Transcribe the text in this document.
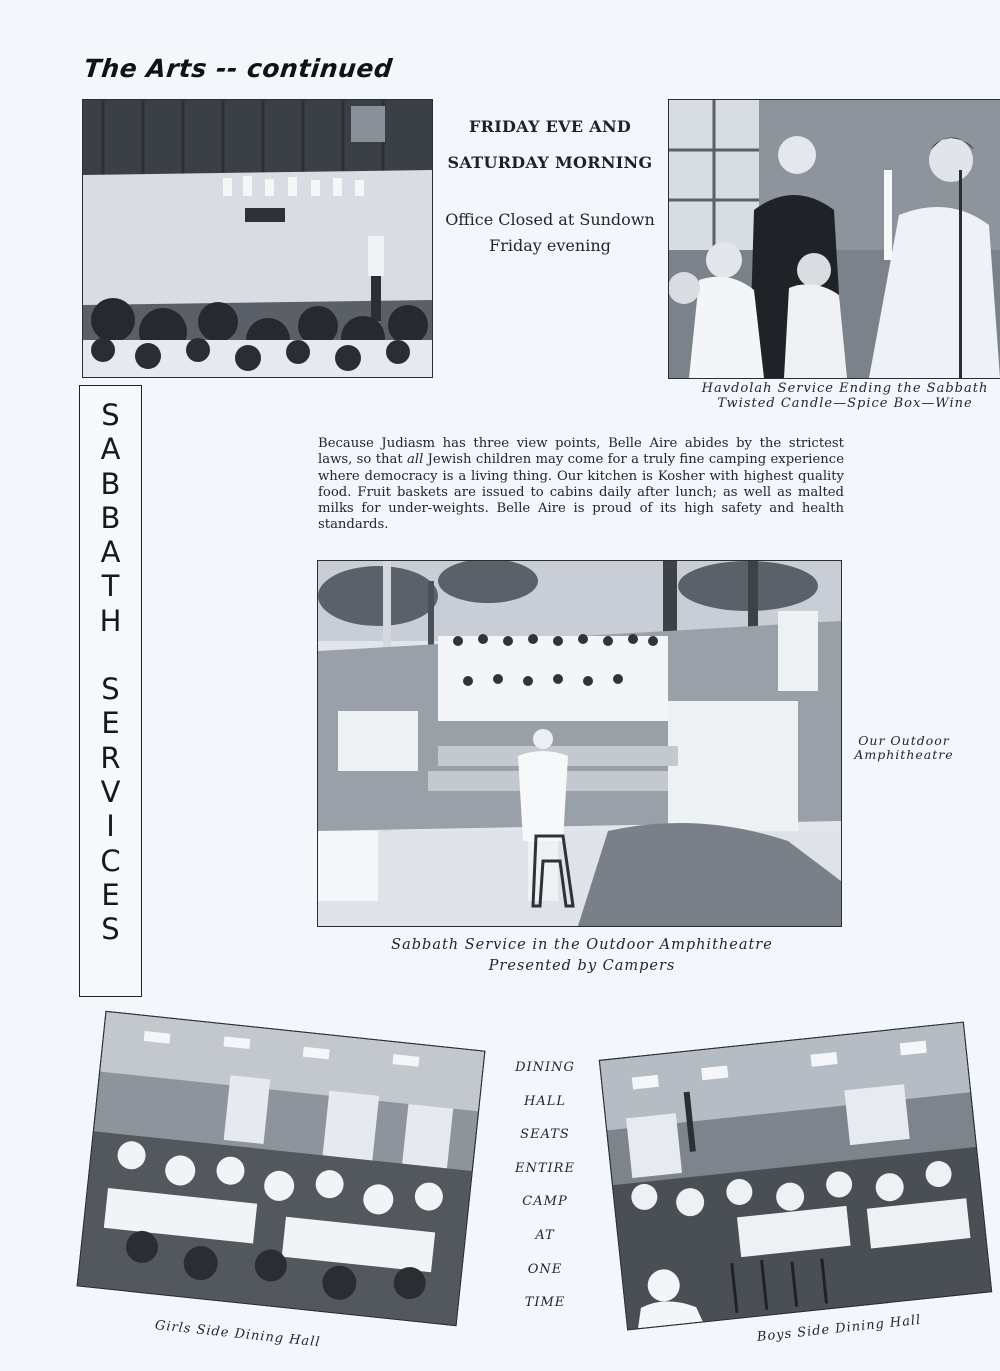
The Arts -- continued
FRIDAY EVE AND
SATURDAY MORNING
Office Closed at Sundown
Friday evening
Havdolah Service Ending the Sabbath
Twisted Candle—Spice Box—Wine
S
A
B
B
A
T
H
S
E
R
V
I
C
E
S
Because Judiasm has three view points, Belle Aire abides by the strictest laws, so that all Jewish children may come for a truly fine camping experience where democracy is a living thing. Our kitchen is Kosher with highest quality food. Fruit baskets are issued to cabins daily after lunch; as well as malted milks for under-weights. Belle Aire is proud of its high safety and health standards.
Our Outdoor
Amphitheatre
Sabbath Service in the Outdoor Amphitheatre
Presented by Campers
Girls Side Dining Hall
DINING
HALL
SEATS
ENTIRE
CAMP
AT
ONE
TIME
Boys Side Dining Hall
